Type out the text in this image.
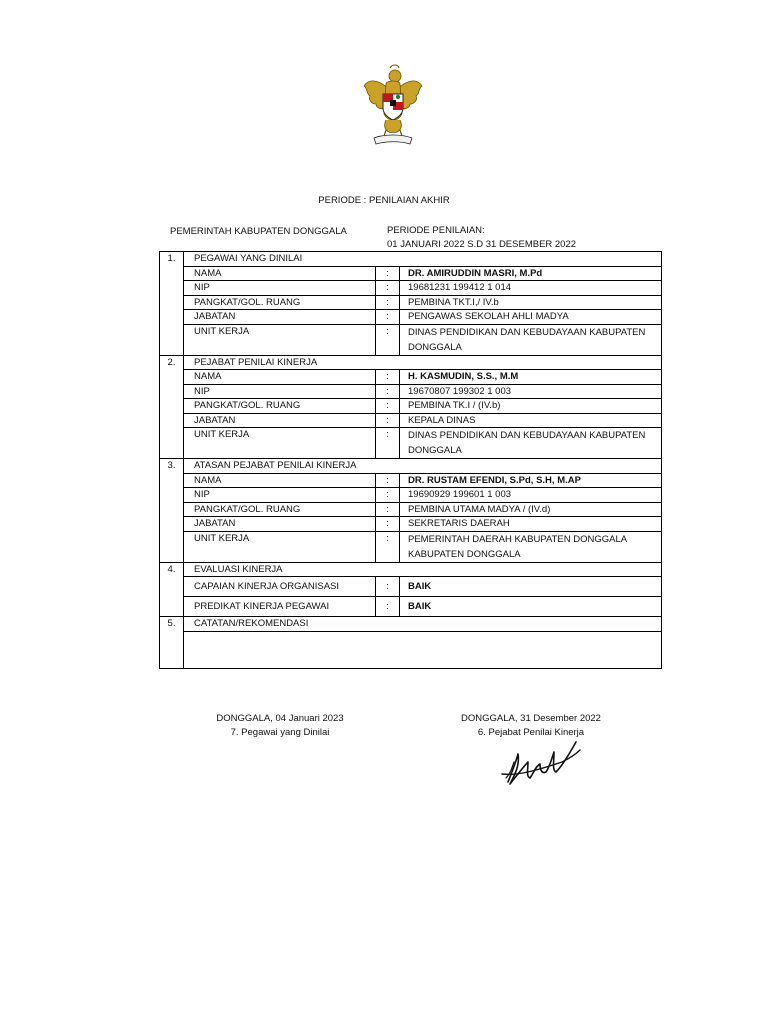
PERIODE : PENILAIAN AKHIR
PEMERINTAH KABUPATEN DONGGALA	PERIODE PENILAIAN:
01 JANUARI 2022 S.D 31 DESEMBER 2022
1.	PEGAWAI YANG DINILAI		
	NAMA	:	DR. AMIRUDDIN MASRI, M.Pd
	NIP	:	19681231 199412 1 014
	PANGKAT/GOL. RUANG	:	PEMBINA TKT.I,/ IV.b
	JABATAN	:	PENGAWAS SEKOLAH AHLI MADYA
	UNIT KERJA	:	DINAS PENDIDIKAN DAN KEBUDAYAAN KABUPATEN DONGGALA
2.	PEJABAT PENILAI KINERJA		
	NAMA	:	H. KASMUDIN, S.S., M.M
	NIP	:	19670807 199302 1 003
	PANGKAT/GOL. RUANG	:	PEMBINA TK.I / (IV.b)
	JABATAN	:	KEPALA DINAS
	UNIT KERJA	:	DINAS PENDIDIKAN DAN KEBUDAYAAN KABUPATEN DONGGALA
3.	ATASAN PEJABAT PENILAI KINERJA		
	NAMA	:	DR. RUSTAM EFENDI, S.Pd, S.H, M.AP
	NIP	:	19690929 199601 1 003
	PANGKAT/GOL. RUANG	:	PEMBINA UTAMA MADYA / (IV.d)
	JABATAN	:	SEKRETARIS DAERAH
	UNIT KERJA	:	PEMERINTAH DAERAH KABUPATEN DONGGALA KABUPATEN DONGGALA
4.	EVALUASI KINERJA		
	CAPAIAN KINERJA ORGANISASI	:	BAIK
	PREDIKAT KINERJA PEGAWAI	:	BAIK
5.	CATATAN/REKOMENDASI		

DONGGALA, 04 Januari 2023
7. Pegawai yang Dinilai
DONGGALA, 31 Desember 2022
6. Pejabat Penilai Kinerja
